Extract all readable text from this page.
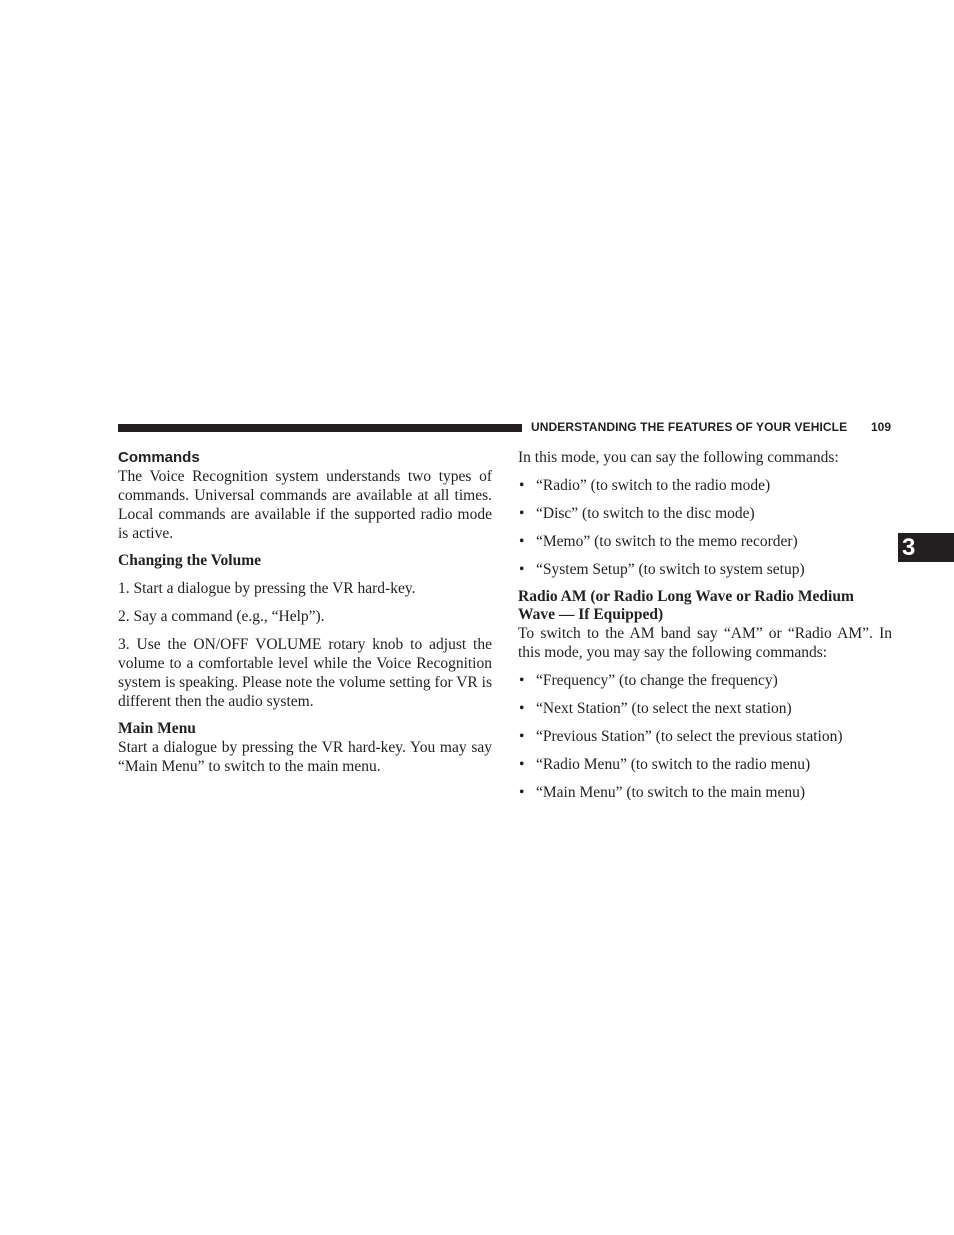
UNDERSTANDING THE FEATURES OF YOUR VEHICLE 109
3
Commands

The Voice Recognition system understands two types of commands. Universal commands are available at all times. Local commands are available if the supported radio mode is active.

Changing the Volume

1. Start a dialogue by pressing the VR hard-key.

2. Say a command (e.g., “Help”).

3. Use the ON/OFF VOLUME rotary knob to adjust the volume to a comfortable level while the Voice Recognition system is speaking. Please note the volume setting for VR is different then the audio system.

Main Menu

Start a dialogue by pressing the VR hard-key. You may say “Main Menu” to switch to the main menu.

In this mode, you can say the following commands:

• “Radio” (to switch to the radio mode)
• “Disc” (to switch to the disc mode)
• “Memo” (to switch to the memo recorder)
• “System Setup” (to switch to system setup)
Radio AM (or Radio Long Wave or Radio Medium Wave — If Equipped)

To switch to the AM band say “AM” or “Radio AM”. In this mode, you may say the following commands:

• “Frequency” (to change the frequency)
• “Next Station” (to select the next station)
• “Previous Station” (to select the previous station)
• “Radio Menu” (to switch to the radio menu)
• “Main Menu” (to switch to the main menu)
